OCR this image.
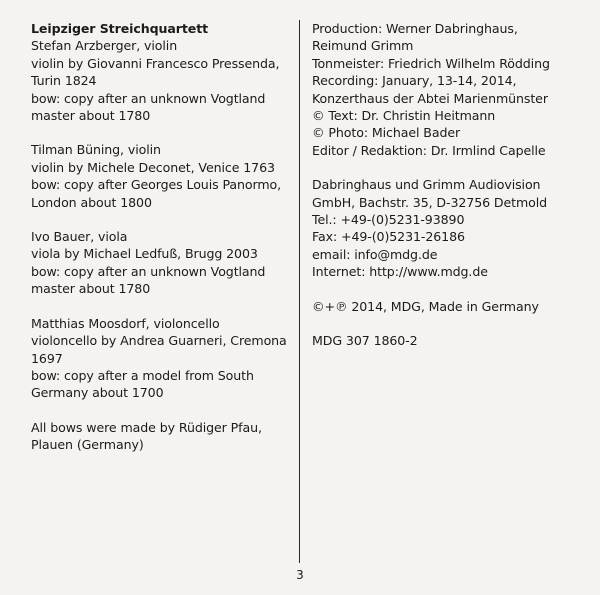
Leipziger Streichquartett
Stefan Arzberger, violin
violin by Giovanni Francesco Pressenda,
Turin 1824
bow: copy after an unknown Vogtland
master about 1780
Tilman Büning, violin
violin by Michele Deconet, Venice 1763
bow: copy after Georges Louis Panormo,
London about 1800
Ivo Bauer, viola
viola by Michael Ledfuß, Brugg 2003
bow: copy after an unknown Vogtland
master about 1780
Matthias Moosdorf, violoncello
violoncello by Andrea Guarneri, Cremona
1697
bow: copy after a model from South
Germany about 1700
All bows were made by Rüdiger Pfau,
Plauen (Germany)
Production: Werner Dabringhaus,
Reimund Grimm
Tonmeister: Friedrich Wilhelm Rödding
Recording: January, 13-14, 2014,
Konzerthaus der Abtei Marienmünster
© Text: Dr. Christin Heitmann
© Photo: Michael Bader
Editor / Redaktion: Dr. Irmlind Capelle
Dabringhaus und Grimm Audiovision
GmbH, Bachstr. 35, D-32756 Detmold
Tel.: +49-(0)5231-93890
Fax: +49-(0)5231-26186
email: info@mdg.de
Internet: http://www.mdg.de
©+℗ 2014, MDG, Made in Germany
MDG 307 1860-2
3
